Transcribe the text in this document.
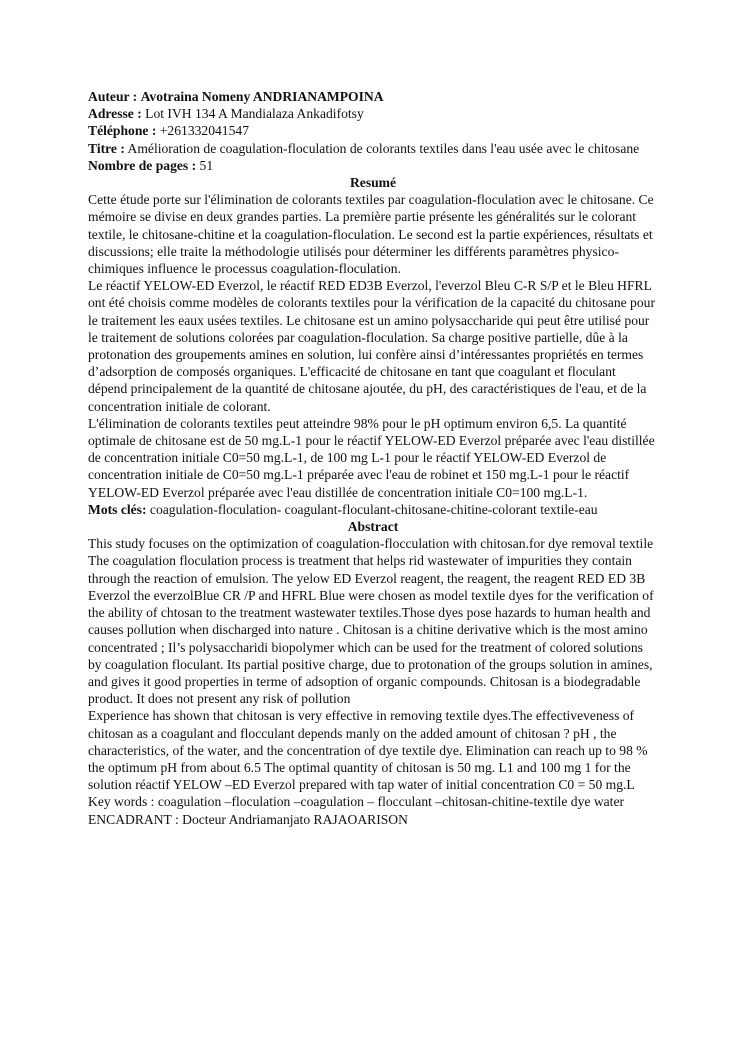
Auteur : Avotraina Nomeny ANDRIANAMPOINA
Adresse : Lot IVH 134 A Mandialaza Ankadifotsy
Téléphone : +261332041547
Titre : Amélioration de coagulation-floculation de colorants textiles dans l'eau usée avec le chitosane
Nombre de pages : 51
Resumé

Cette étude porte sur l'élimination de colorants textiles par coagulation-floculation avec le chitosane. Ce mémoire se divise en deux grandes parties. La première partie présente les généralités sur le colorant textile, le chitosane-chitine et la coagulation-floculation. Le second est la partie expériences, résultats et discussions; elle traite la méthodologie utilisés pour déterminer les différents paramètres physico-chimiques influence le processus coagulation-floculation.

Le réactif YELOW-ED Everzol, le réactif RED ED3B Everzol, l'everzol Bleu C-R S/P et le Bleu HFRL ont été choisis comme modèles de colorants textiles pour la vérification de la capacité du chitosane pour le traitement les eaux usées textiles. Le chitosane est un amino polysaccharide qui peut être utilisé pour le traitement de solutions colorées par coagulation-floculation. Sa charge positive partielle, dûe à la protonation des groupements amines en solution, lui confère ainsi d’intéressantes propriétés en termes d’adsorption de composés organiques. L'efficacité de chitosane en tant que coagulant et floculant dépend principalement de la quantité de chitosane ajoutée, du pH, des caractéristiques de l'eau, et de la concentration initiale de colorant.

L'élimination de colorants textiles peut atteindre 98% pour le pH optimum environ 6,5. La quantité optimale de chitosane est de 50 mg.L-1 pour le réactif YELOW-ED Everzol préparée avec l'eau distillée de concentration initiale C0=50 mg.L-1, de 100 mg L-1 pour le réactif YELOW-ED Everzol de concentration initiale de C0=50 mg.L-1 préparée avec l'eau de robinet et 150 mg.L-1 pour le réactif YELOW-ED Everzol préparée avec l'eau distillée de concentration initiale C0=100 mg.L-1.

Mots clés: coagulation-floculation- coagulant-floculant-chitosane-chitine-colorant textile-eau
Abstract

This study focuses on the optimization of coagulation-flocculation with chitosan.for dye removal textile The coagulation floculation process is treatment that helps rid wastewater of impurities they contain through the reaction of emulsion. The yelow ED Everzol reagent, the reagent, the reagent RED ED 3B Everzol the everzolBlue CR /P and HFRL Blue were chosen as model textile dyes for the verification of the ability of chtosan to the treatment wastewater textiles.Those dyes pose hazards to human health and causes pollution when discharged into nature . Chitosan is a chitine derivative which is the most amino concentrated ; Il’s polysaccharidi biopolymer which can be used for the treatment of colored solutions by coagulation floculant. Its partial positive charge, due to protonation of the groups solution in amines, and gives it good properties in terme of adsoption of organic compounds. Chitosan is a biodegradable product. It does not present any risk of pollution

Experience has shown that chitosan is very effective in removing textile dyes.The effectiveveness of chitosan as a coagulant and flocculant depends manly on the added amount of chitosan ? pH , the characteristics, of the water, and the concentration of dye textile dye. Elimination can reach up to 98 % the optimum pH from about 6.5 The optimal quantity of chitosan is 50 mg. L1 and 100 mg 1 for the solution réactif YELOW –ED Everzol prepared with tap water of initial concentration C0 = 50 mg.L

Key words : coagulation –floculation –coagulation – flocculant –chitosan-chitine-textile dye water

ENCADRANT : Docteur Andriamanjato RAJAOARISON
